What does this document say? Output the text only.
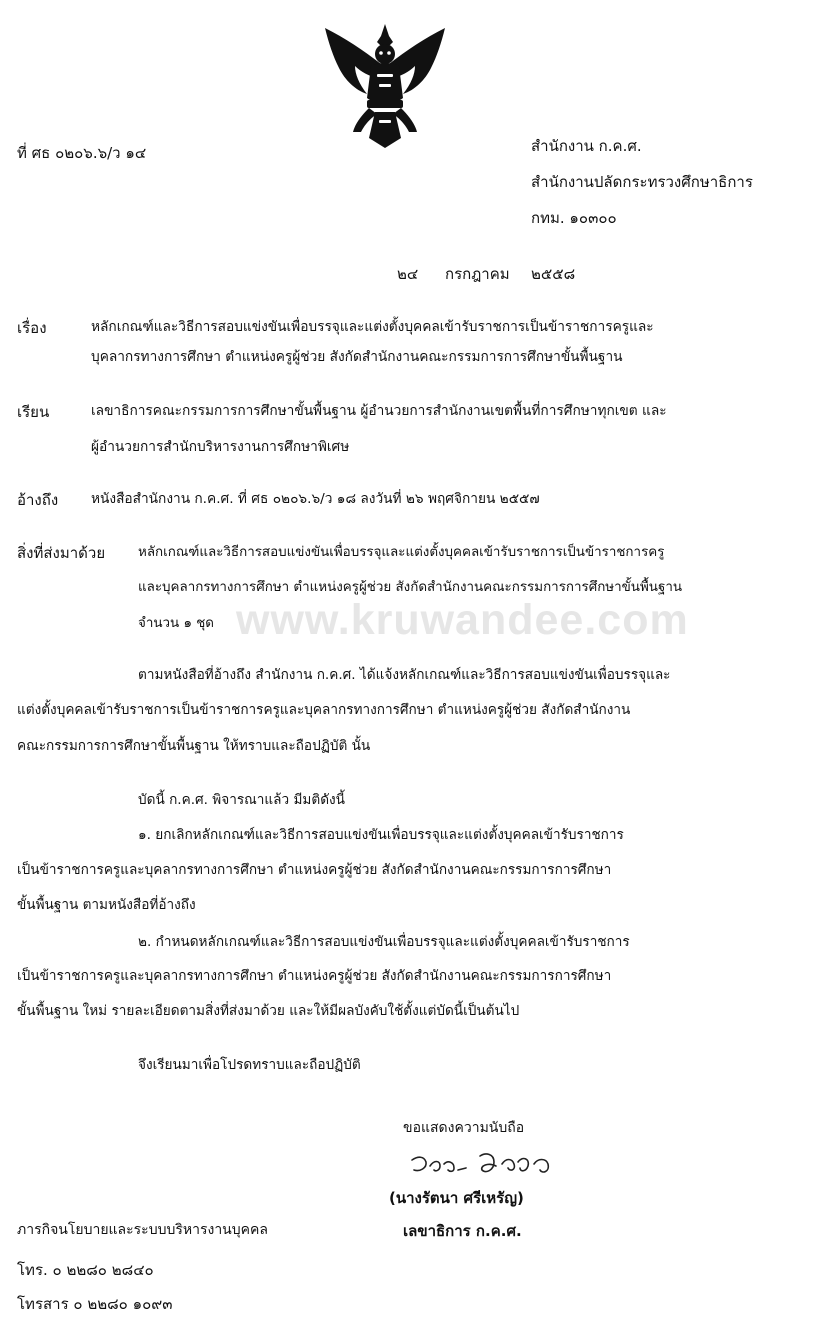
ที่ ศธ ๐๒๐๖.๖/ว ๑๔	สำนักงาน ก.ค.ศ.
สำนักงานปลัดกระทรวงศึกษาธิการ
กทม. ๑๐๓๐๐
๒๔ กรกฎาคม ๒๕๕๘
เรื่อง	หลักเกณฑ์และวิธีการสอบแข่งขันเพื่อบรรจุและแต่งตั้งบุคคลเข้ารับราชการเป็นข้าราชการครูและ
บุคลากรทางการศึกษา ตำแหน่งครูผู้ช่วย สังกัดสำนักงานคณะกรรมการการศึกษาขั้นพื้นฐาน
เรียน	เลขาธิการคณะกรรมการการศึกษาขั้นพื้นฐาน ผู้อำนวยการสำนักงานเขตพื้นที่การศึกษาทุกเขต และ
ผู้อำนวยการสำนักบริหารงานการศึกษาพิเศษ
อ้างถึง หนังสือสำนักงาน ก.ค.ศ. ที่ ศธ ๐๒๐๖.๖/ว ๑๘ ลงวันที่ ๒๖ พฤศจิกายน ๒๕๕๗
สิ่งที่ส่งมาด้วย หลักเกณฑ์และวิธีการสอบแข่งขันเพื่อบรรจุและแต่งตั้งบุคคลเข้ารับราชการเป็นข้าราชการครู
และบุคลากรทางการศึกษา ตำแหน่งครูผู้ช่วย สังกัดสำนักงานคณะกรรมการการศึกษาขั้นพื้นฐาน
จำนวน ๑ ชุด www.kruwandee.com
ตามหนังสือที่อ้างถึง สำนักงาน ก.ค.ศ. ได้แจ้งหลักเกณฑ์และวิธีการสอบแข่งขันเพื่อบรรจุและ
แต่งตั้งบุคคลเข้ารับราชการเป็นข้าราชการครูและบุคลากรทางการศึกษา ตำแหน่งครูผู้ช่วย สังกัดสำนักงาน
คณะกรรมการการศึกษาขั้นพื้นฐาน ให้ทราบและถือปฏิบัติ นั้น
บัดนี้ ก.ค.ศ. พิจารณาแล้ว มีมติดังนี้
๑. ยกเลิกหลักเกณฑ์และวิธีการสอบแข่งขันเพื่อบรรจุและแต่งตั้งบุคคลเข้ารับราชการ
เป็นข้าราชการครูและบุคลากรทางการศึกษา ตำแหน่งครูผู้ช่วย สังกัดสำนักงานคณะกรรมการการศึกษา
ขั้นพื้นฐาน ตามหนังสือที่อ้างถึง
๒. กำหนดหลักเกณฑ์และวิธีการสอบแข่งขันเพื่อบรรจุและแต่งตั้งบุคคลเข้ารับราชการ
เป็นข้าราชการครูและบุคลากรทางการศึกษา ตำแหน่งครูผู้ช่วย สังกัดสำนักงานคณะกรรมการการศึกษา
ขั้นพื้นฐาน ใหม่ รายละเอียดตามสิ่งที่ส่งมาด้วย และให้มีผลบังคับใช้ตั้งแต่บัดนี้เป็นต้นไป
จึงเรียนมาเพื่อโปรดทราบและถือปฏิบัติ
ขอแสดงความนับถือ
(นางรัตนา ศรีเหรัญ)
เลขาธิการ ก.ค.ศ.
ภารกิจนโยบายและระบบบริหารงานบุคคล
โทร. ๐ ๒๒๘๐ ๒๘๔๐
โทรสาร ๐ ๒๒๘๐ ๑๐๙๓
